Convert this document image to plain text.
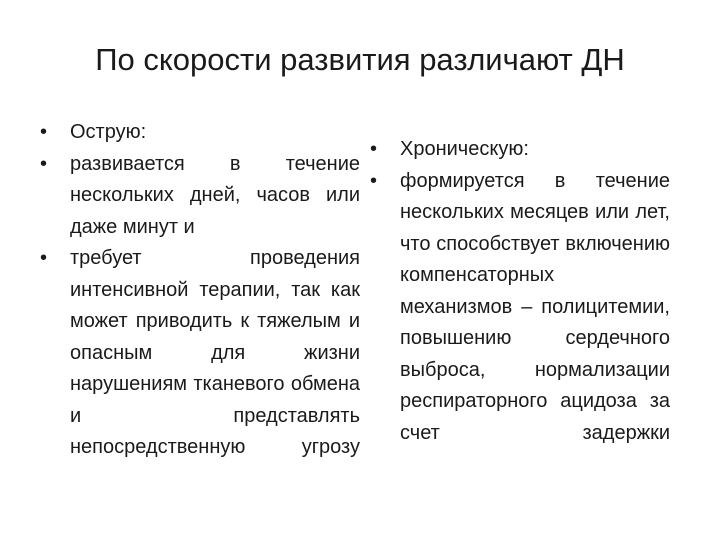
По скорости развития различают ДН
• Острую:
• развивается в течение нескольких дней, часов или даже минут и
• требует проведения интенсивной терапии, так как может приводить к тяжелым и опасным для жизни нарушениям тканевого обмена и представлять непосредственную угрозу
• Хроническую:
• формируется в течение нескольких месяцев или лет, что способствует включению компенсаторных механизмов – полицитемии, повышению сердечного выброса, нормализации респираторного ацидоза за счет задержки
